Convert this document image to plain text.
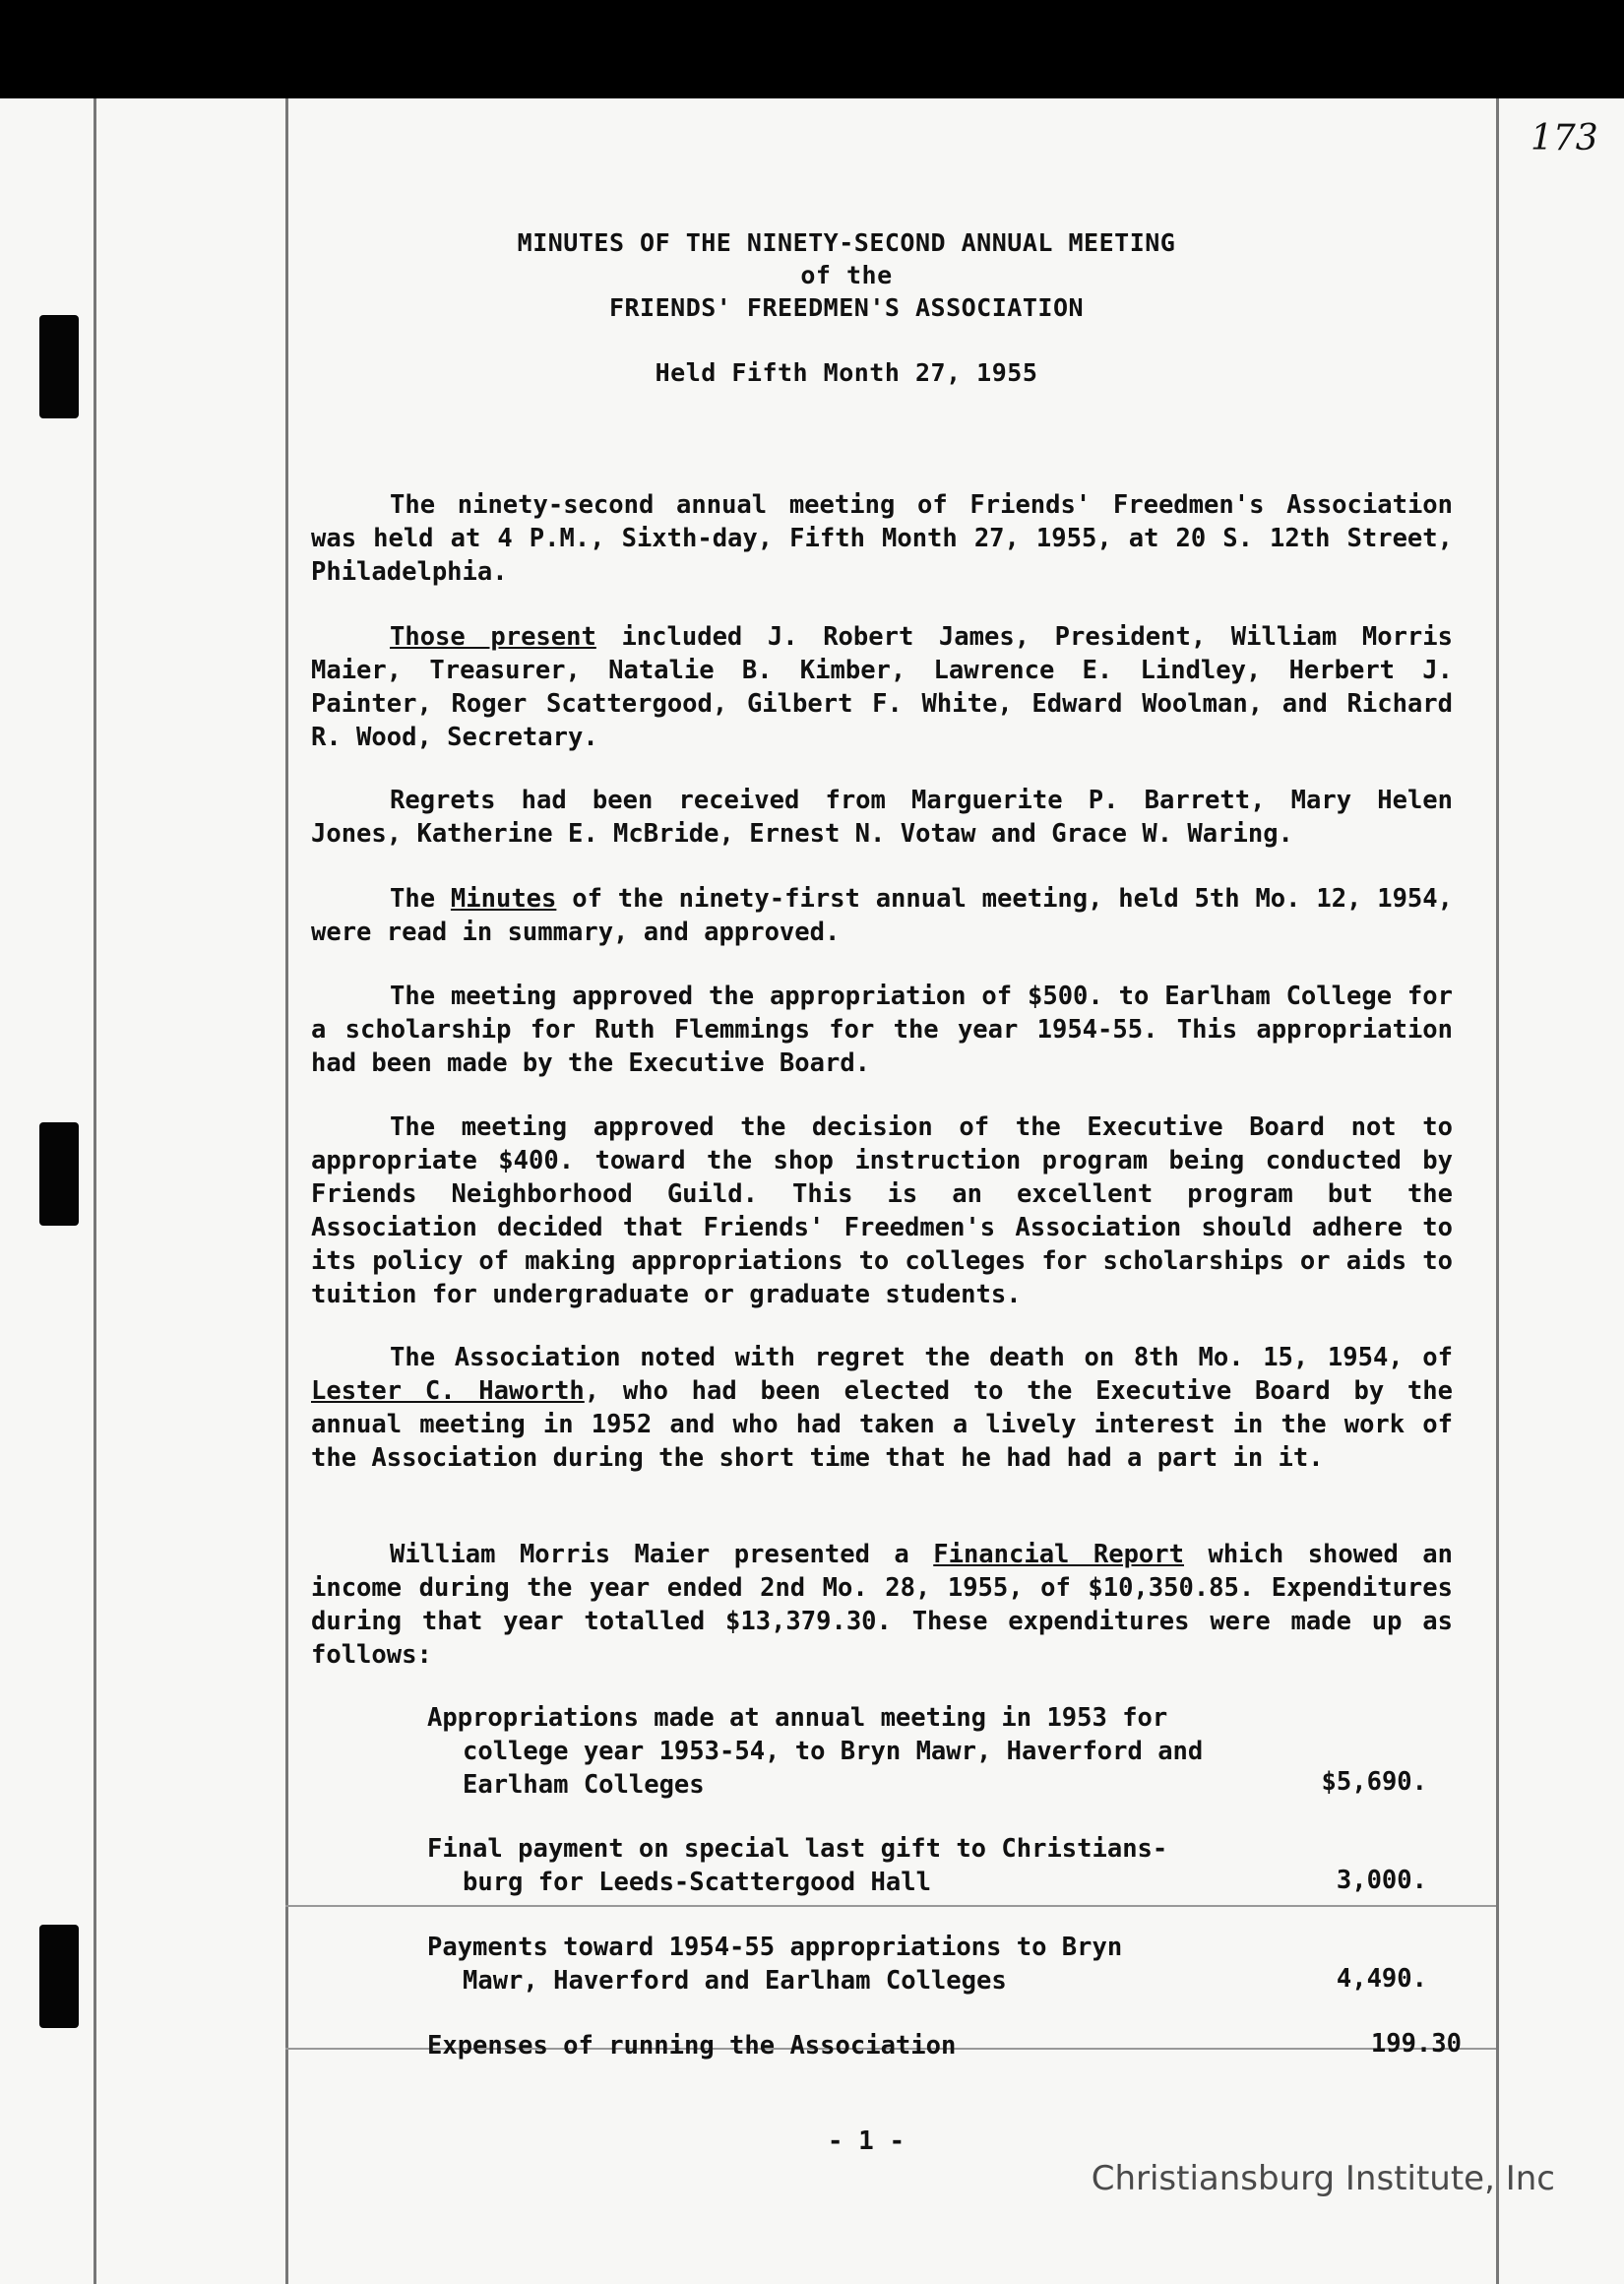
173
MINUTES OF THE NINETY-SECOND ANNUAL MEETING
of the
FRIENDS' FREEDMEN'S ASSOCIATION
Held Fifth Month 27, 1955
The ninety-second annual meeting of Friends' Freedmen's Association was held at 4 P.M., Sixth-day, Fifth Month 27, 1955, at 20 S. 12th Street, Philadelphia.
Those present included J. Robert James, President, William Morris Maier, Treasurer, Natalie B. Kimber, Lawrence E. Lindley, Herbert J. Painter, Roger Scattergood, Gilbert F. White, Edward Woolman, and Richard R. Wood, Secretary.
Regrets had been received from Marguerite P. Barrett, Mary Helen Jones, Katherine E. McBride, Ernest N. Votaw and Grace W. Waring.
The Minutes of the ninety-first annual meeting, held 5th Mo. 12, 1954, were read in summary, and approved.
The meeting approved the appropriation of $500. to Earlham College for a scholarship for Ruth Flemmings for the year 1954-55. This appropriation had been made by the Executive Board.
The meeting approved the decision of the Executive Board not to appropriate $400. toward the shop instruction program being conducted by Friends Neighborhood Guild. This is an excellent program but the Association decided that Friends' Freedmen's Association should adhere to its policy of making appropriations to colleges for scholarships or aids to tuition for undergraduate or graduate students.
The Association noted with regret the death on 8th Mo. 15, 1954, of Lester C. Haworth, who had been elected to the Executive Board by the annual meeting in 1952 and who had taken a lively interest in the work of the Association during the short time that he had had a part in it.
William Morris Maier presented a Financial Report which showed an income during the year ended 2nd Mo. 28, 1955, of $10,350.85. Expenditures during that year totalled $13,379.30. These expenditures were made up as follows:
Appropriations made at annual meeting in 1953 for
college year 1953-54, to Bryn Mawr, Haverford and
Earlham Colleges	$5,690.
Final payment on special last gift to Christians-
burg for Leeds-Scattergood Hall	3,000.
Payments toward 1954-55 appropriations to Bryn
Mawr, Haverford and Earlham Colleges	4,490.
Expenses of running the Association	199.30
- 1 -
Christiansburg Institute, Inc
